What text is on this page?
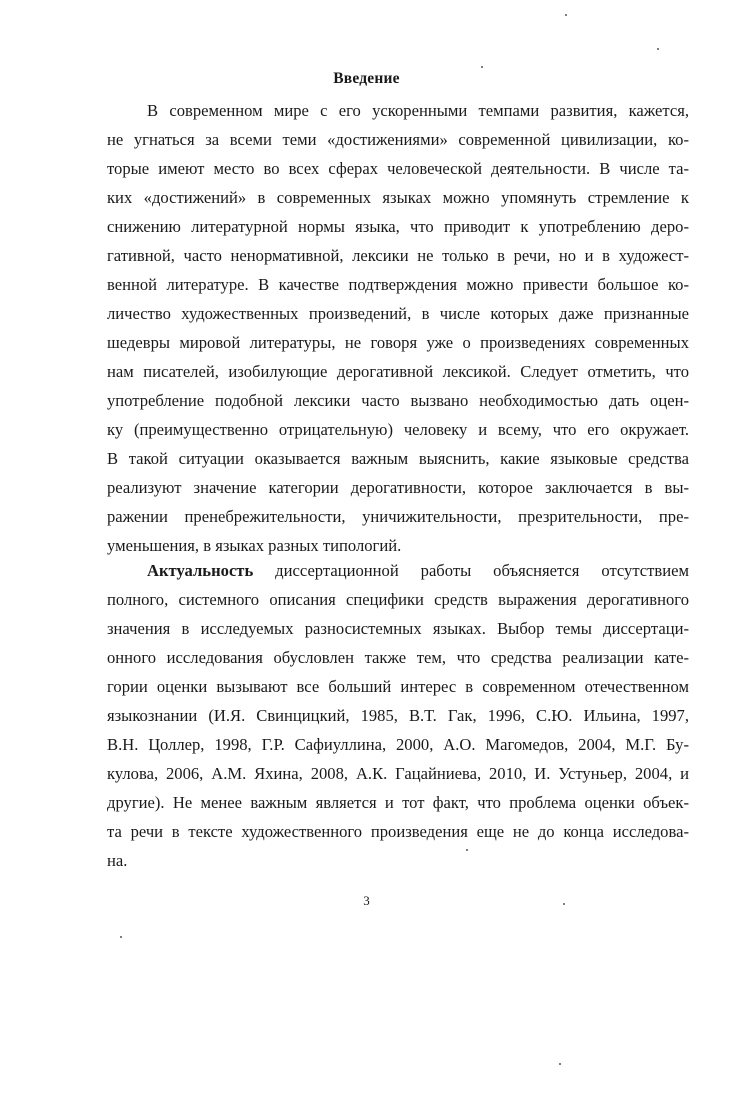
Введение
В современном мире с его ускоренными темпами развития, кажется,
не угнаться за всеми теми «достижениями» современной цивилизации, ко-
торые имеют место во всех сферах человеческой деятельности. В числе та-
ких «достижений» в современных языках можно упомянуть стремление к
снижению литературной нормы языка, что приводит к употреблению деро-
гативной, часто ненормативной, лексики не только в речи, но и в художест-
венной литературе. В качестве подтверждения можно привести большое ко-
личество художественных произведений, в числе которых даже признанные
шедевры мировой литературы, не говоря уже о произведениях современных
нам писателей, изобилующие дерогативной лексикой. Следует отметить, что
употребление подобной лексики часто вызвано необходимостью дать оцен-
ку (преимущественно отрицательную) человеку и всему, что его окружает.
В такой ситуации оказывается важным выяснить, какие языковые средства
реализуют значение категории дерогативности, которое заключается в вы-
ражении пренебрежительности, уничижительности, презрительности, пре-
уменьшения, в языках разных типологий.
Актуальность диссертационной работы объясняется отсутствием
полного, системного описания специфики средств выражения дерогативного
значения в исследуемых разносистемных языках. Выбор темы диссертаци-
онного исследования обусловлен также тем, что средства реализации кате-
гории оценки вызывают все больший интерес в современном отечественном
языкознании (И.Я. Свинцицкий, 1985, В.Т. Гак, 1996, С.Ю. Ильина, 1997,
В.Н. Цоллер, 1998, Г.Р. Сафиуллина, 2000, А.О. Магомедов, 2004, М.Г. Бу-
кулова, 2006, А.М. Яхина, 2008, А.К. Гацайниева, 2010, И. Устуньер, 2004, и
другие). Не менее важным является и тот факт, что проблема оценки объек-
та речи в тексте художественного произведения еще не до конца исследова-
на.
3
